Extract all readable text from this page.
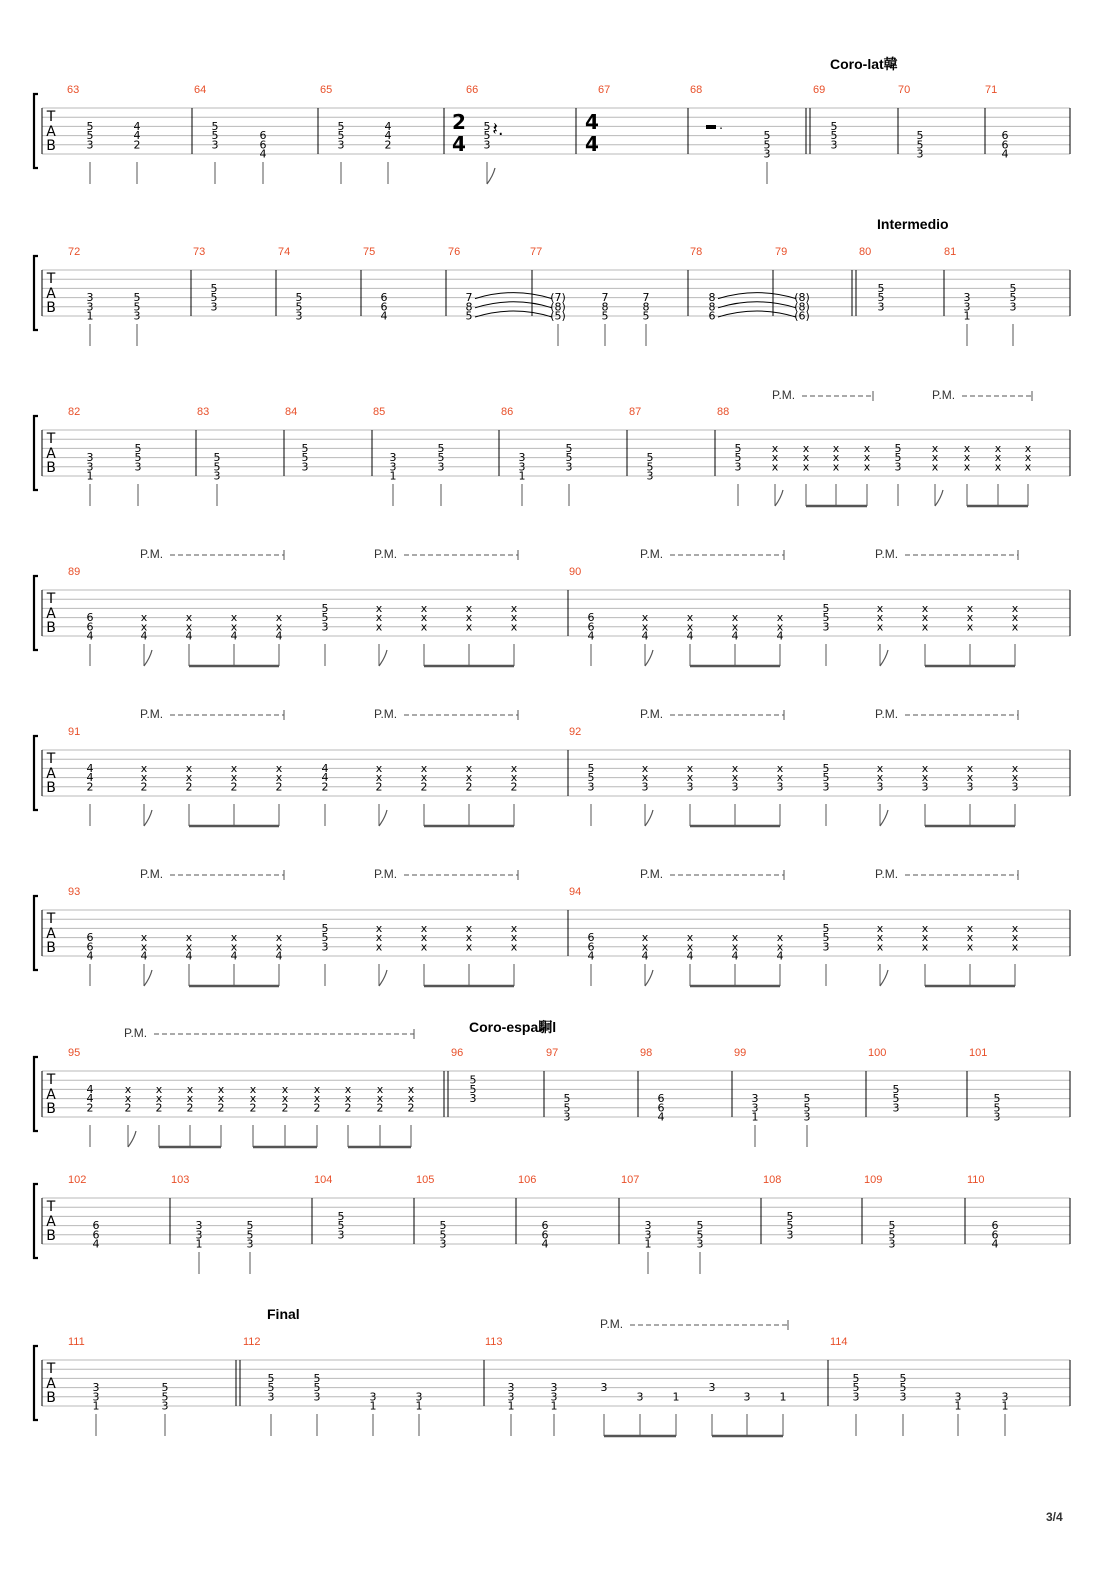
T
A
B
5
5
3
4
4
2
5
5
3
6
6
4
5
5
3
4
4
2
2
4
5
5
3
𝄽.	4
4
.
5
5
3
5
5
3
5
5
3
6
6
4
T
A
B
3
3
1
5
5
3
5
5
3
5
5
3
6
6
4
7
8
5
(7)
(8)
(5)
7
8
5
7
8
5
8
8
6
(8)
(8)
(6)
5
5
3
3
3
1
5
5
3
T
A
B
3
3
1
5
5
3
5
5
3
5
5
3
3
3
1
5
5
3
3
3
1
5
5
3
5
5
3
5
5
3
x
x
x
x
x
x
x
x
x
x
x
x
5
5
3
x
x
x
x
x
x
x
x
x
x
x
x
T
A
B
6
6
4
x
x
4
x
x
4
x
x
4
x
x
4
5
5
3
x
x
x
x
x
x
x
x
x
x
x
x
6
6
4
x
x
4
x
x
4
x
x
4
x
x
4
5
5
3
x
x
x
x
x
x
x
x
x
x
x
x
T
A
B
4
4
2
x
x
2
x
x
2
x
x
2
x
x
2
4
4
2
x
x
2
x
x
2
x
x
2
x
x
2
5
5
3
x
x
3
x
x
3
x
x
3
x
x
3
5
5
3
x
x
3
x
x
3
x
x
3
x
x
3
T
A
B
6
6
4
x
x
4
x
x
4
x
x
4
x
x
4
5
5
3
x
x
x
x
x
x
x
x
x
x
x
x
6
6
4
x
x
4
x
x
4
x
x
4
x
x
4
5
5
3
x
x
x
x
x
x
x
x
x
x
x
x
T
A
B
4
4
2
x
x
2
x
x
2
x
x
2
x
x
2
x
x
2
x
x
2
x
x
2
x
x
2
x
x
2
x
x
2
5
5
3	5
5
3
6
6
4
3
3
1
5
5
3
5
5
3
5
5
3
T
A
B
6
6
4
3
3
1
5
5
3
5
5
3
5
5
3
6
6
4
3
3
1
5
5
3
5
5
3
5
5
3
6
6
4
T
A
B
3
3
1
5
5
3
5
5
3
5
5
3	3
1
3
1
3
3
1
3
3
1
3
3	1
3
3	1
5
5
3
5
5
3	3
1
3
1
Coro-lat韓
63	64	65	66	67	68	69	70	71
Intermedio
72	73	74	75	76	77	78	79	80	81
82	83	84	85	86	87	88
P.M.	P.M.
89	90
P.M.	P.M.	P.M.	P.M.
91	92
P.M.	P.M.	P.M.	P.M.
93	94
P.M.	P.M.	P.M.	P.M.
Coro-espa駉l
95	96	97	98	99	100	101
P.M.
102	103	104	105	106	107	108	109	110
Final
111	112	113	114
P.M.
3/4
